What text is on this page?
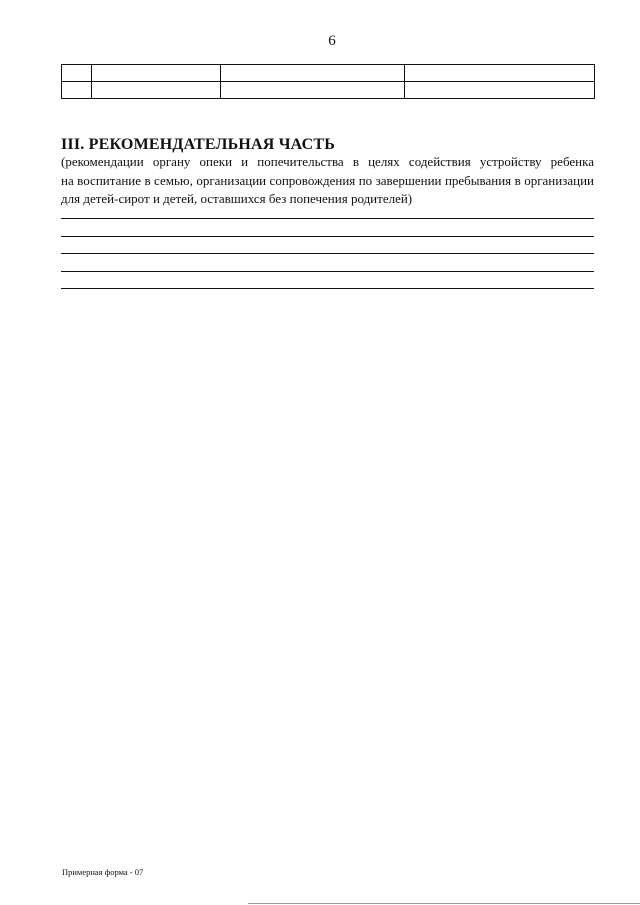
6

III. РЕКОМЕНДАТЕЛЬНАЯ ЧАСТЬ
(рекомендации органу опеки и попечительства в целях содействия устройству ребенка
на воспитание в семью, организации сопровождения по завершении пребывания в организации
для детей-сирот и детей, оставшихся без попечения родителей)
Примерная форма - 07
